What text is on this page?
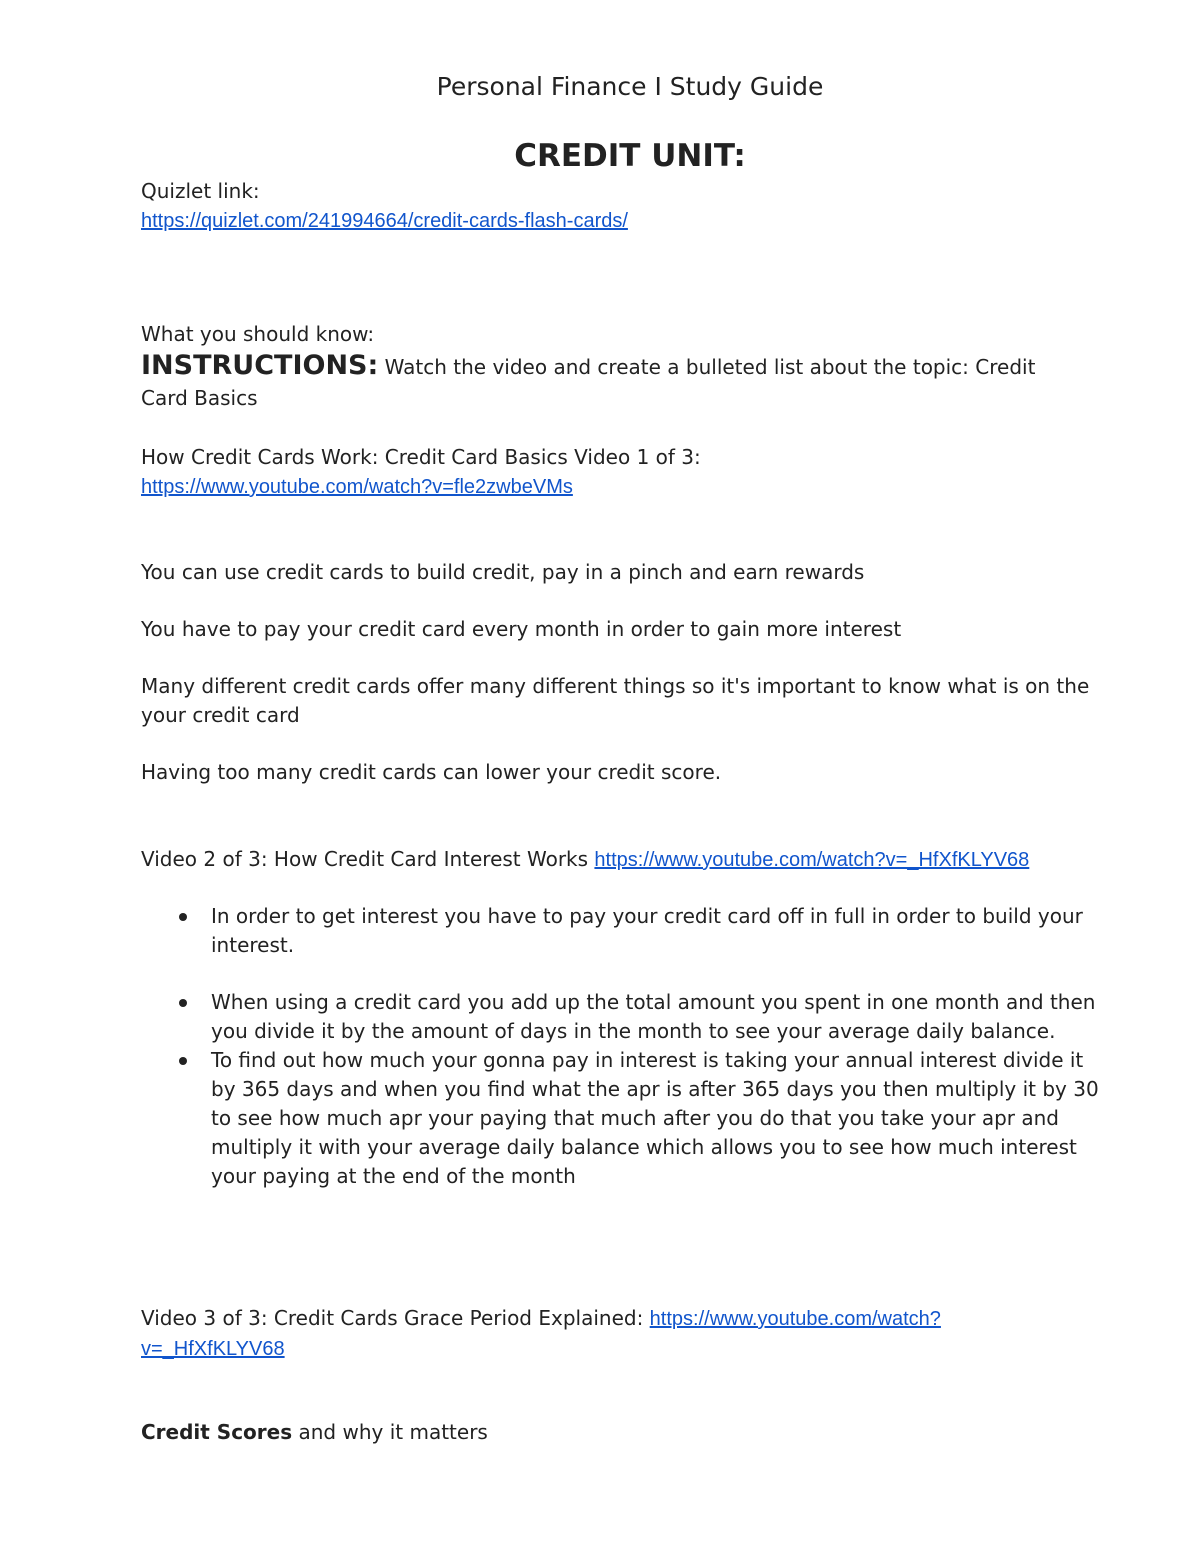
Personal Finance I Study Guide

CREDIT UNIT:

Quizlet link:
https://quizlet.com/241994664/credit-cards-flash-cards/

What you should know:

INSTRUCTIONS: Watch the video and create a bulleted list about the topic: Credit
Card Basics

How Credit Cards Work: Credit Card Basics Video 1 of 3:
https://www.youtube.com/watch?v=fle2zwbeVMs

You can use credit cards to build credit, pay in a pinch and earn rewards

You have to pay your credit card every month in order to gain more interest

Many different credit cards offer many different things so it's important to know what is on the your credit card

Having too many credit cards can lower your credit score.

Video 2 of 3: How Credit Card Interest Works https://www.youtube.com/watch?v=_HfXfKLYV68

In order to get interest you have to pay your credit card off in full in order to build your interest.
When using a credit card you add up the total amount you spent in one month and then you divide it by the amount of days in the month to see your average daily balance.
To find out how much your gonna pay in interest is taking your annual interest divide it by 365 days and when you find what the apr is after 365 days you then multiply it by 30 to see how much apr your paying that much after you do that you take your apr and multiply it with your average daily balance which allows you to see how much interest your paying at the end of the month

Video 3 of 3: Credit Cards Grace Period Explained: https://www.youtube.com/watch?
v=_HfXfKLYV68

Credit Scores and why it matters
